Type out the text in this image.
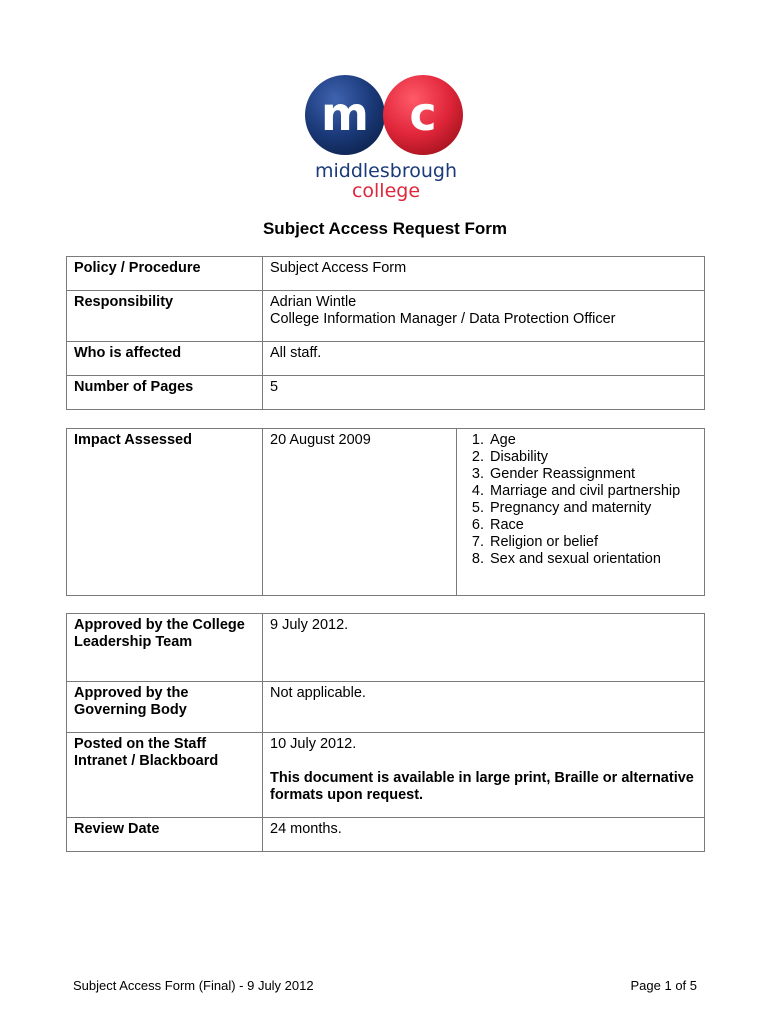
m c
middlesbrough
college
Subject Access Request Form
Policy / Procedure	Subject Access Form
Responsibility	Adrian Wintle
College Information Manager / Data Protection Officer

Who is affected	All staff.
Number of Pages	5
Impact Assessed	20 August 2009	
1.Age
2. Disability
3. Gender Reassignment
4. Marriage and civil partnership
5. Pregnancy and maternity
6. Race
7. Religion or belief
8. Sex and sexual orientation
Approved by the College Leadership Team	9 July 2012.
Approved by the Governing Body	Not applicable.
Posted on the Staff Intranet / Blackboard	10 July 2012.
This document is available in large print, Braille or alternative formats upon request.

Review Date	24 months.
Subject Access Form (Final) - 9 July 2012	Page 1 of 5
